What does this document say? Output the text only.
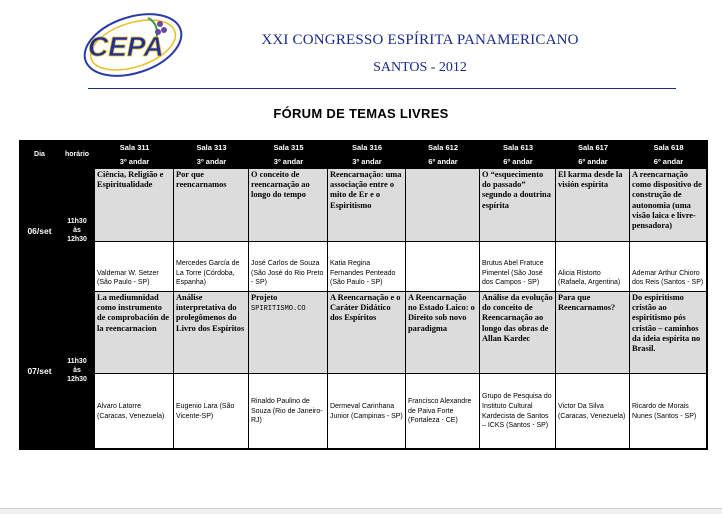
CEPA	XXI CONGRESSO ESPÍRITA PANAMERICANO
SANTOS - 2012
FÓRUM DE TEMAS LIVRES
Dia	horário
Sala 311
3º andar
Sala 313
3º andar
Sala 315
3º andar
Sala 316
3º andar
Sala 612
6º andar
Sala 613
6º andar
Sala 617
6º andar
Sala 618
6º andar
06/set
11h30
às
12h30
Ciência, Religião e Espiritualidade
Por que reencarnamos
O conceito de reencarnação ao longo do tempo
Reencarnação: uma associação entre o mito de Er e o Espiritismo
O “esquecimento do passado” segundo a doutrina espírita
El karma desde la visión espírita
A reencarnação como dispositivo de construção de autonomia (uma visão laica e livre-pensadora)
Valdemar W. Setzer (São Paulo - SP)
Mercedes García de La Torre (Córdoba, Espanha)
José Carlos de Souza (São José do Rio Preto - SP)
Katia Regina Fernandes Penteado (São Paulo - SP)
Brutus Abel Fratuce Pimentel (São José dos Campos - SP)
Alicia Ristorto (Rafaela, Argentina)
Ademar Arthur Chioro dos Reis (Santos - SP)
07/set
11h30
às
12h30
La mediumnidad como instrumento de comprobación de la reencarnacion
Análise interpretativa do prolegômenos do Livro dos Espíritos
Projeto
SPIRITISMO.CO
A Reencarnação e o Caráter Didático dos Espíritos
A Reencarnação no Estado Laico: o Direito sob novo paradigma
Análise da evolução do conceito de Reencarnação ao longo das obras de Allan Kardec
Para que Reencarnamos?
Do espiritismo cristão ao espiritismo pós cristão – caminhos da ideia espírita no Brasil.
Alvaro Latorre (Caracas, Venezuela)
Eugenio Lara (São Vicente-SP)
Rinaldo Paulino de Souza (Rio de Janeiro-RJ)
Dermeval Carinhana Junior (Campinas - SP)
Francisco Alexandre de Paiva Forte (Fortaleza - CE)
Grupo de Pesquisa do Instituto Cultural Kardecista de Santos – ICKS (Santos - SP)
Victor Da Silva (Caracas, Venezuela)
Ricardo de Morais Nunes (Santos - SP)
